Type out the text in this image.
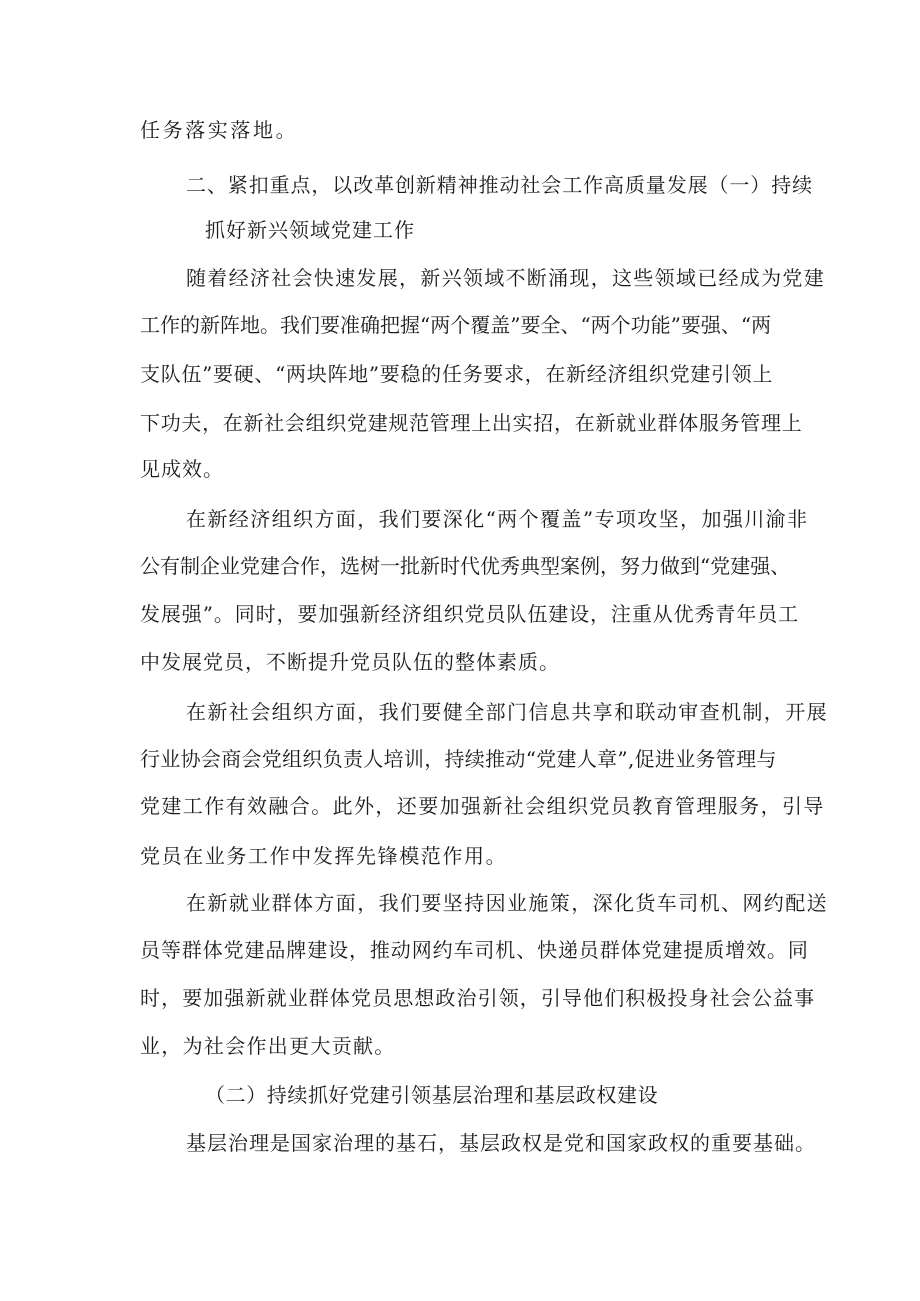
任务落实落地。
二、紧扣重点，以改革创新精神推动社会工作高质量发展（一）持续
抓好新兴领域党建工作
随着经济社会快速发展，新兴领域不断涌现，这些领域已经成为党建
工作的新阵地。我们要准确把握“两个覆盖”要全、“两个功能”要强、“两
支队伍”要硬、“两块阵地”要稳的任务要求，在新经济组织党建引领上
下功夫，在新社会组织党建规范管理上出实招，在新就业群体服务管理上
见成效。
在新经济组织方面，我们要深化“两个覆盖”专项攻坚，加强川渝非
公有制企业党建合作，选树一批新时代优秀典型案例，努力做到“党建强、
发展强”。同时，要加强新经济组织党员队伍建设，注重从优秀青年员工
中发展党员，不断提升党员队伍的整体素质。
在新社会组织方面，我们要健全部门信息共享和联动审查机制，开展
行业协会商会党组织负责人培训，持续推动“党建人章”,促进业务管理与
党建工作有效融合。此外，还要加强新社会组织党员教育管理服务，引导
党员在业务工作中发挥先锋模范作用。
在新就业群体方面，我们要坚持因业施策，深化货车司机、网约配送
员等群体党建品牌建设，推动网约车司机、快递员群体党建提质增效。同
时，要加强新就业群体党员思想政治引领，引导他们积极投身社会公益事
业，为社会作出更大贡献。
（二）持续抓好党建引领基层治理和基层政权建设
基层治理是国家治理的基石，基层政权是党和国家政权的重要基础。
